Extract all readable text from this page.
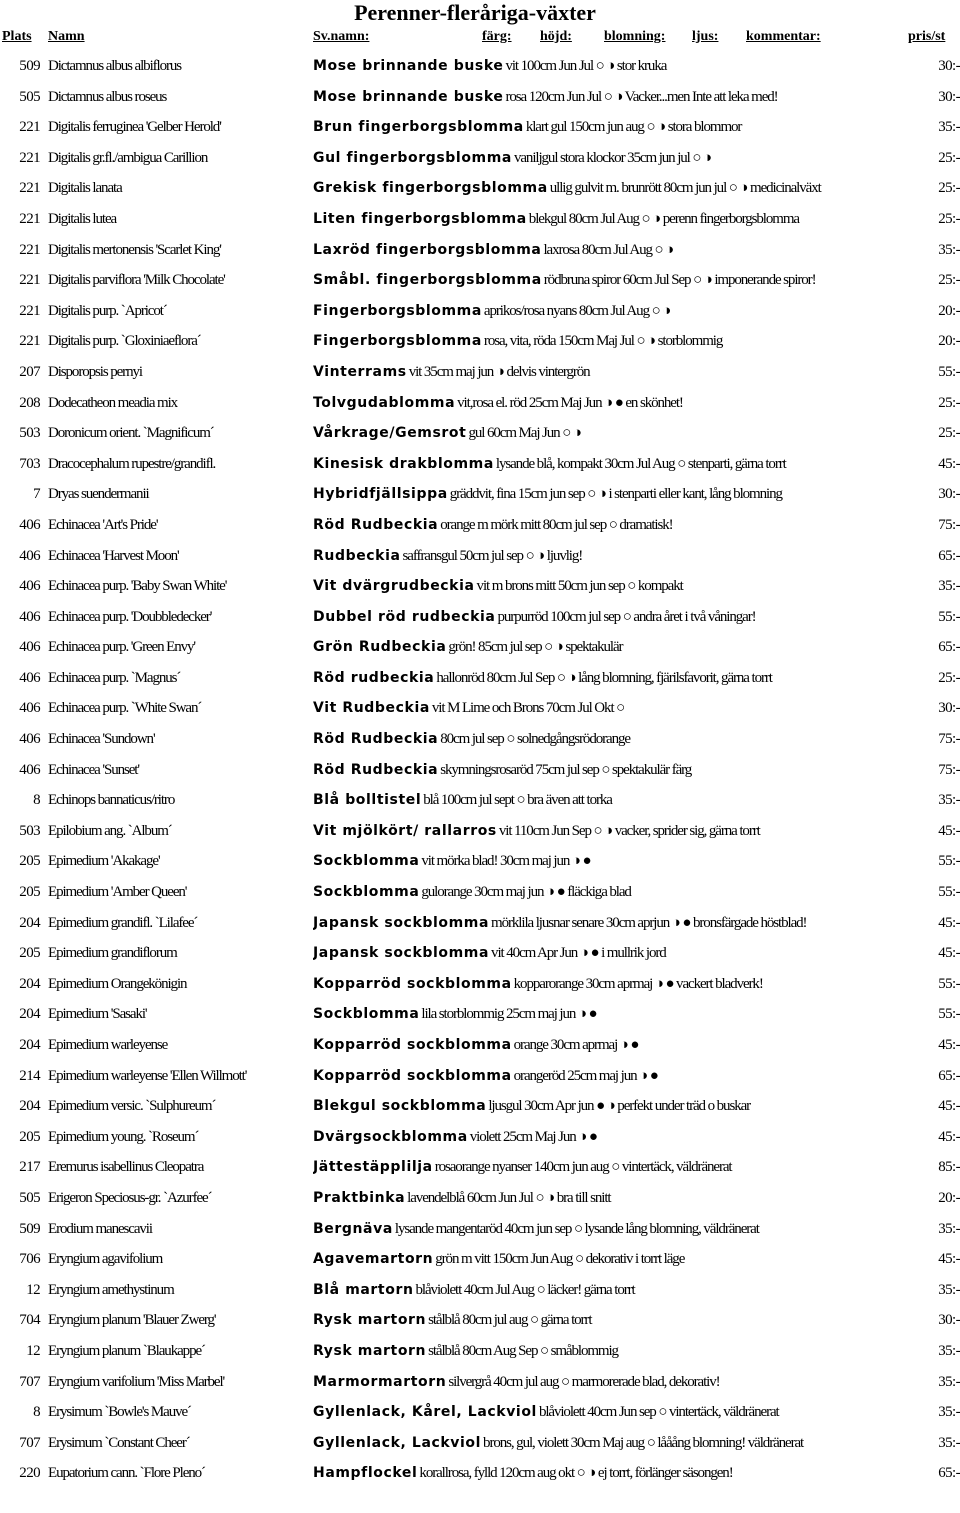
Perenner-fleråriga-växter
Plats Namn	Sv.namn:	färg: höjd: blomning: ljus: kommentar:	pris/st
509 Dictamnus albus albiflorus	Mose brinnande buske vit 100cm Jun Jul ○ ◑ stor kruka	30:-
505 Dictamnus albus roseus	Mose brinnande buske rosa 120cm Jun Jul ○ ◑ Vacker...men Inte att leka med!	30:-
221 Digitalis ferruginea 'Gelber Herold'	Brun fingerborgsblomma klart gul 150cm jun aug ○ ◑ stora blommor	35:-
221 Digitalis gr.fl./ambigua Carillion	Gul fingerborgsblomma vaniljgul stora klockor 35cm jun jul ○ ◑	25:-
221 Digitalis lanata	Grekisk fingerborgsblomma ullig gulvit m. brunrött 80cm jun jul ○ ◑ medicinalväxt	25:-
221 Digitalis lutea	Liten fingerborgsblomma blekgul 80cm Jul Aug ○ ◑ perenn fingerborgsblomma	25:-
221 Digitalis mertonensis 'Scarlet King'	Laxröd fingerborgsblomma laxrosa 80cm Jul Aug ○ ◑	35:-
221 Digitalis parviflora 'Milk Chocolate'	Småbl. fingerborgsblomma rödbruna spiror 60cm Jul Sep ○ ◑ imponerande spiror!	25:-
221 Digitalis purp. `Apricot´	Fingerborgsblomma aprikos/rosa nyans 80cm Jul Aug ○ ◑	20:-
221 Digitalis purp. `Gloxiniaeflora´	Fingerborgsblomma rosa, vita, röda 150cm Maj Jul ○ ◑ storblommig	20:-
207 Disporopsis pernyi	Vinterrams vit 35cm maj jun ◑ delvis vintergrön	55:-
208 Dodecatheon meadia mix	Tolvgudablomma vit,rosa el. röd 25cm Maj Jun ◑ ● en skönhet!	25:-
503 Doronicum orient. `Magnificum´	Vårkrage/Gemsrot gul 60cm Maj Jun ○ ◑	25:-
703 Dracocephalum rupestre/grandifl.	Kinesisk drakblomma lysande blå, kompakt 30cm Jul Aug ○ stenparti, gärna torrt	45:-
7 Dryas suendermanii	Hybridfjällsippa gräddvit, fina 15cm jun sep ○ ◑ i stenparti eller kant, lång blomning	30:-
406 Echinacea 'Art's Pride'	Röd Rudbeckia orange m mörk mitt 80cm jul sep ○ dramatisk!	75:-
406 Echinacea 'Harvest Moon'	Rudbeckia saffransgul 50cm jul sep ○ ◑ ljuvlig!	65:-
406 Echinacea purp. 'Baby Swan White'	Vit dvärgrudbeckia vit m brons mitt 50cm jun sep ○ kompakt	35:-
406 Echinacea purp. 'Doubbledecker'	Dubbel röd rudbeckia purpurröd 100cm jul sep ○ andra året i två våningar!	55:-
406 Echinacea purp. 'Green Envy'	Grön Rudbeckia grön! 85cm jul sep ○ ◑ spektakulär	65:-
406 Echinacea purp. `Magnus´	Röd rudbeckia hallonröd 80cm Jul Sep ○ ◑ lång blomning, fjärilsfavorit, gärna torrt	25:-
406 Echinacea purp. `White Swan´	Vit Rudbeckia vit M Lime och Brons 70cm Jul Okt ○	30:-
406 Echinacea 'Sundown'	Röd Rudbeckia 80cm jul sep ○ solnedgångsrödorange	75:-
406 Echinacea 'Sunset'	Röd Rudbeckia skymningsrosaröd 75cm jul sep ○ spektakulär färg	75:-
8 Echinops bannaticus/ritro	Blå bolltistel blå 100cm jul sept ○ bra även att torka	35:-
503 Epilobium ang. `Album´	Vit mjölkört/ rallarros vit 110cm Jun Sep ○ ◑ vacker, sprider sig, gärna torrt	45:-
205 Epimedium 'Akakage'	Sockblomma vit mörka blad! 30cm maj jun ◑ ●	55:-
205 Epimedium 'Amber Queen'	Sockblomma gulorange 30cm maj jun ◑ ● fläckiga blad	55:-
204 Epimedium grandifl. `Lilafee´	Japansk sockblomma mörklila ljusnar senare 30cm aprjun ◑ ● bronsfärgade höstblad!	45:-
205 Epimedium grandiflorum	Japansk sockblomma vit 40cm Apr Jun ◑ ● i mullrik jord	45:-
204 Epimedium Orangekönigin	Kopparröd sockblomma kopparorange 30cm aprmaj ◑ ● vackert bladverk!	55:-
204 Epimedium 'Sasaki'	Sockblomma lila storblommig 25cm maj jun ◑ ●	55:-
204 Epimedium warleyense	Kopparröd sockblomma orange 30cm aprmaj ◑ ●	45:-
214 Epimedium warleyense 'Ellen Willmott'	Kopparröd sockblomma orangeröd 25cm maj jun ◑ ●	65:-
204 Epimedium versic. `Sulphureum´	Blekgul sockblomma ljusgul 30cm Apr jun ● ◑ perfekt under träd o buskar	45:-
205 Epimedium young. `Roseum´	Dvärgsockblomma violett 25cm Maj Jun ◑ ●	45:-
217 Eremurus isabellinus Cleopatra	Jättestäpplilja rosaorange nyanser 140cm jun aug ○ vintertäck, väldränerat	85:-
505 Erigeron Speciosus-gr. `Azurfee´	Praktbinka lavendelblå 60cm Jun Jul ○ ◑ bra till snitt	20:-
509 Erodium manescavii	Bergnäva lysande mangentaröd 40cm jun sep ○ lysande lång blomning, väldränerat	35:-
706 Eryngium agavifolium	Agavemartorn grön m vitt 150cm Jun Aug ○ dekorativ i torrt läge	45:-
12 Eryngium amethystinum	Blå martorn blåviolett 40cm Jul Aug ○ läcker! gärna torrt	35:-
704 Eryngium planum 'Blauer Zwerg'	Rysk martorn stålblå 80cm jul aug ○ gärna torrt	30:-
12 Eryngium planum `Blaukappe´	Rysk martorn stålblå 80cm Aug Sep ○ småblommig	35:-
707 Eryngium varifolium 'Miss Marbel'	Marmormartorn silvergrå 40cm jul aug ○ marmorerade blad, dekorativ!	35:-
8 Erysimum `Bowle's Mauve´	Gyllenlack, Kårel, Lackviol blåviolett 40cm Jun sep ○ vintertäck, väldränerat	35:-
707 Erysimum `Constant Cheer´	Gyllenlack, Lackviol brons, gul, violett 30cm Maj aug ○ lååång blomning! väldränerat	35:-
220 Eupatorium cann. `Flore Pleno´	Hampflockel korallrosa, fylld 120cm aug okt ○ ◑ ej torrt, förlänger säsongen!	65:-
